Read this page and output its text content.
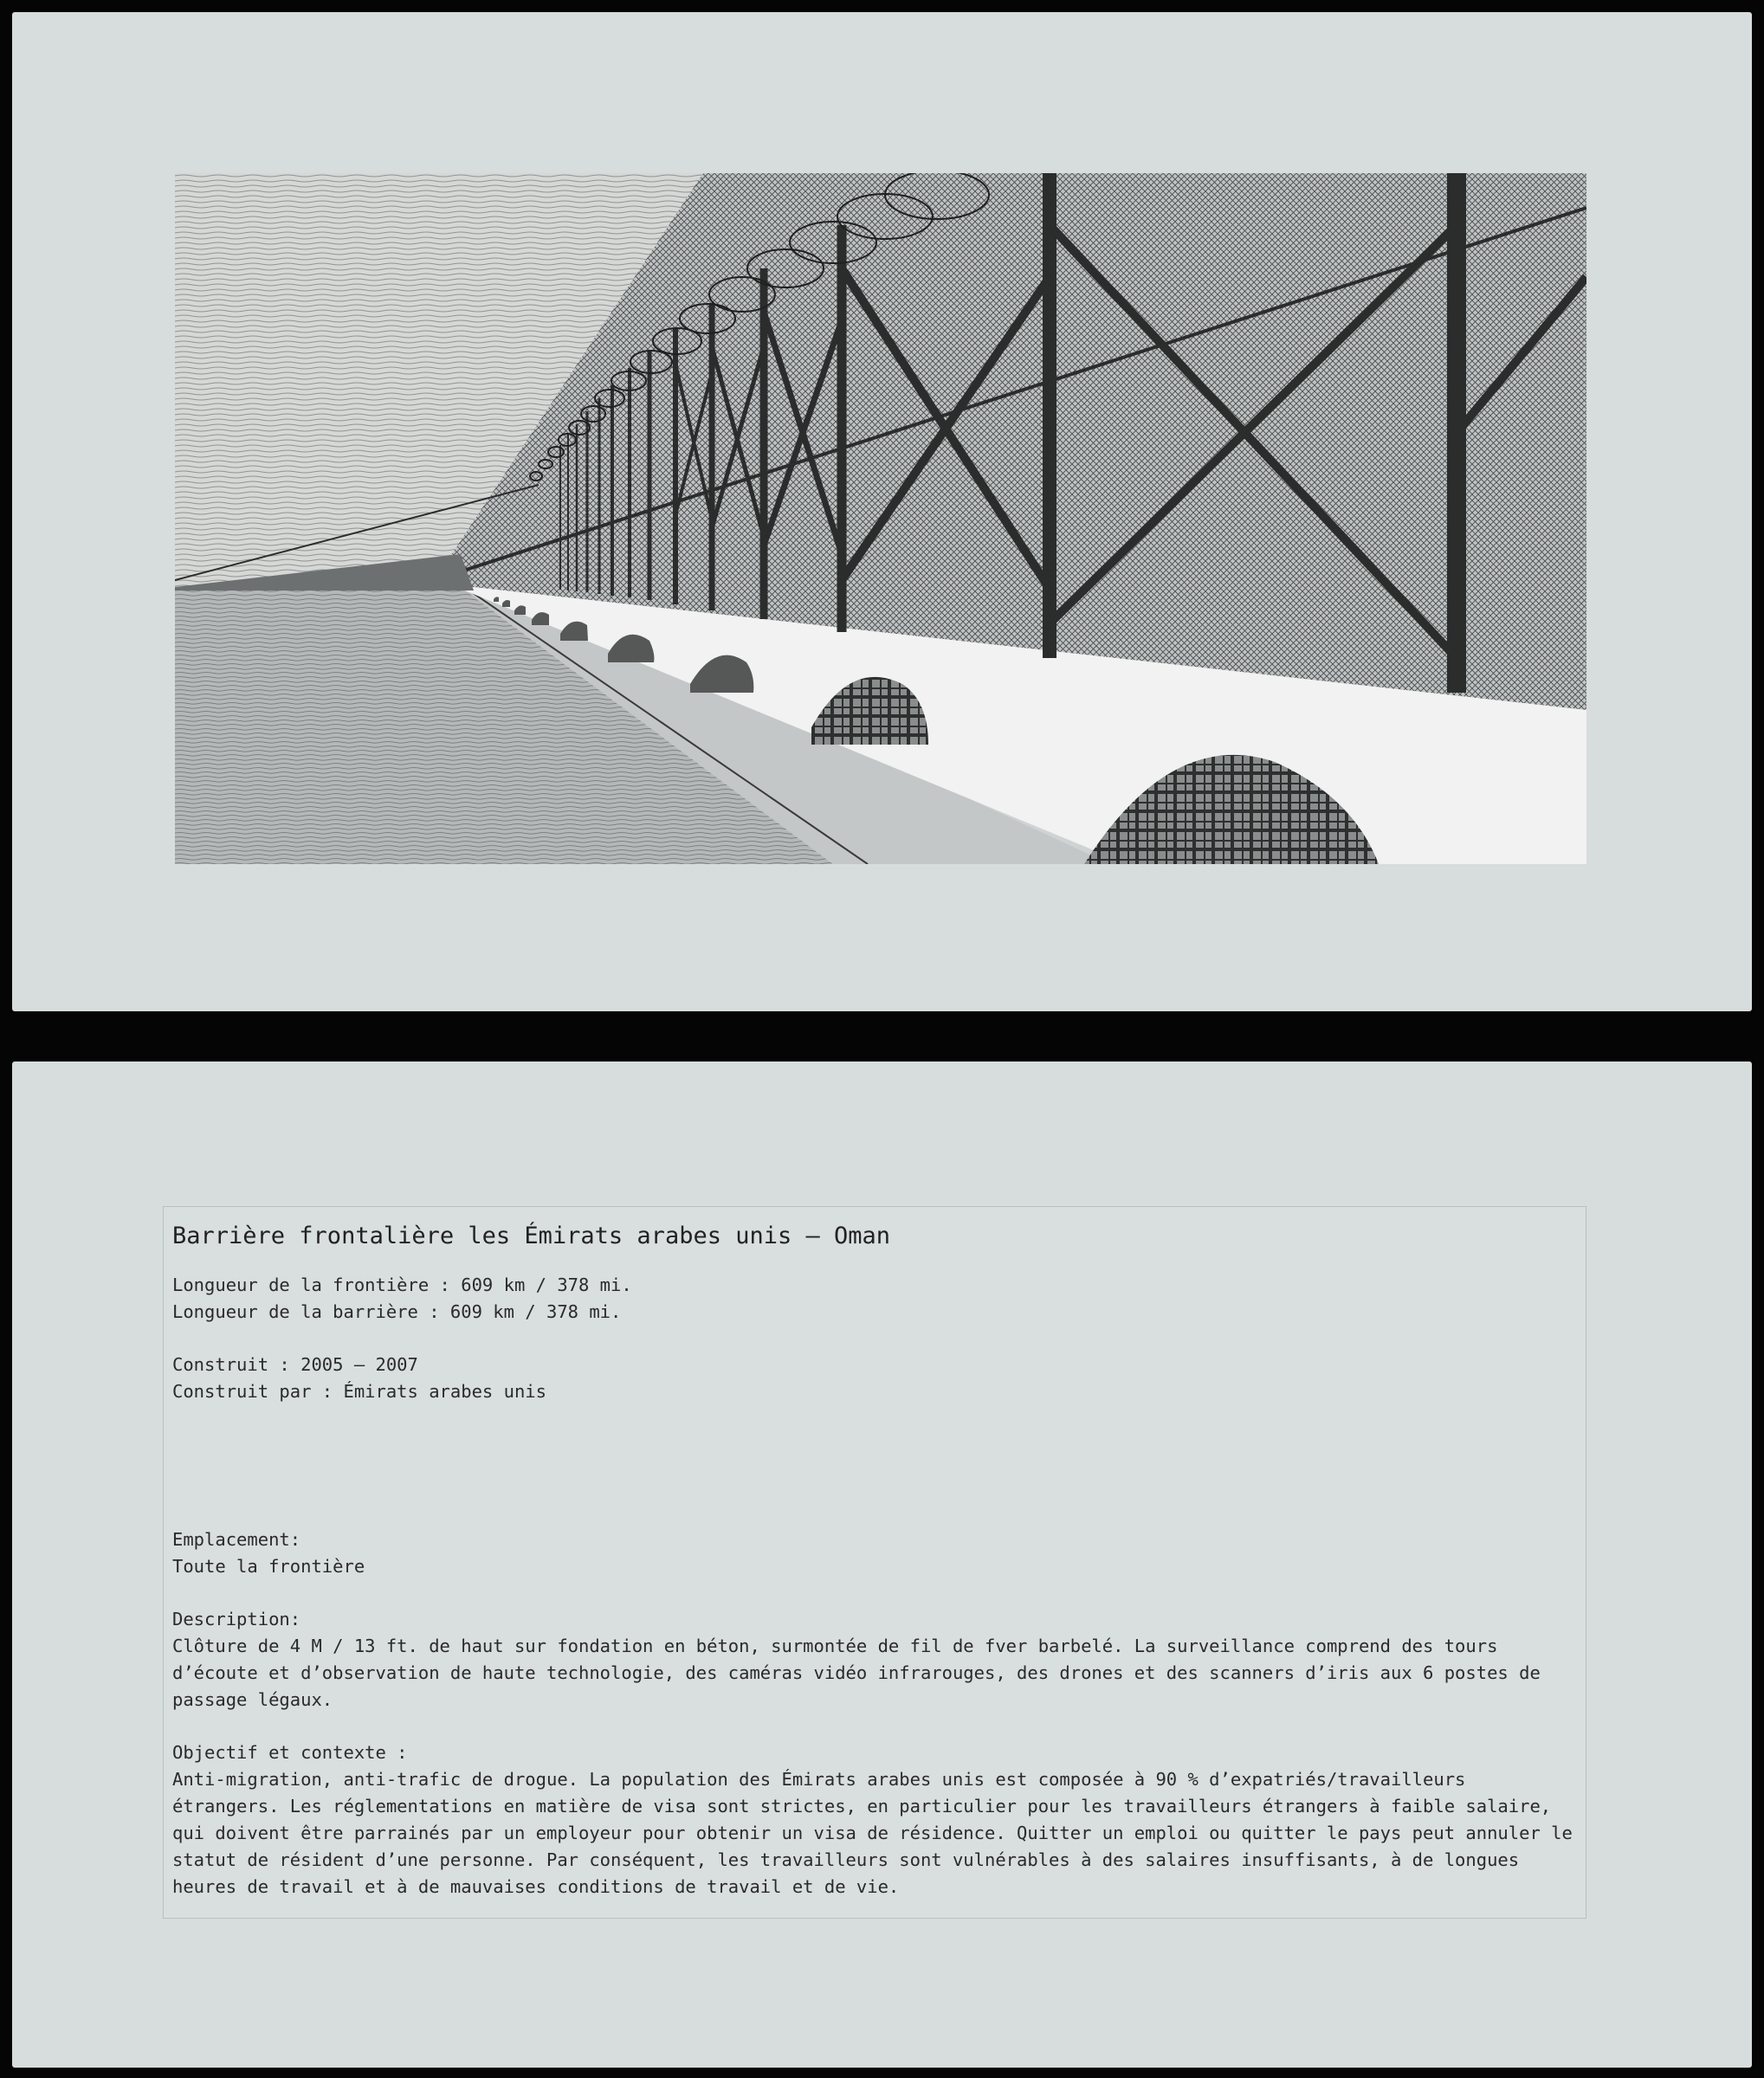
Barrière frontalière les Émirats arabes unis – Oman

Longueur de la frontière : 609 km / 378 mi.

Longueur de la barrière : 609 km / 378 mi.

Construit : 2005 – 2007

Construit par : Émirats arabes unis

Emplacement:

Toute la frontière

Description:

Clôture de 4 M / 13 ft. de haut sur fondation en béton, surmontée de fil de fver barbelé. La surveillance comprend des tours d’écoute et d’observation de haute technologie, des caméras vidéo infrarouges, des drones et des scanners d’iris aux 6 postes de passage légaux.

Objectif et contexte :

Anti-migration, anti-trafic de drogue. La population des Émirats arabes unis est composée à 90 % d’expatriés/travailleurs étrangers. Les réglementations en matière de visa sont strictes, en particulier pour les travailleurs étrangers à faible salaire, qui doivent être parrainés par un employeur pour obtenir un visa de résidence. Quitter un emploi ou quitter le pays peut annuler le statut de résident d’une personne. Par conséquent, les travailleurs sont vulnérables à des salaires insuffisants, à de longues heures de travail et à de mauvaises conditions de travail et de vie.
